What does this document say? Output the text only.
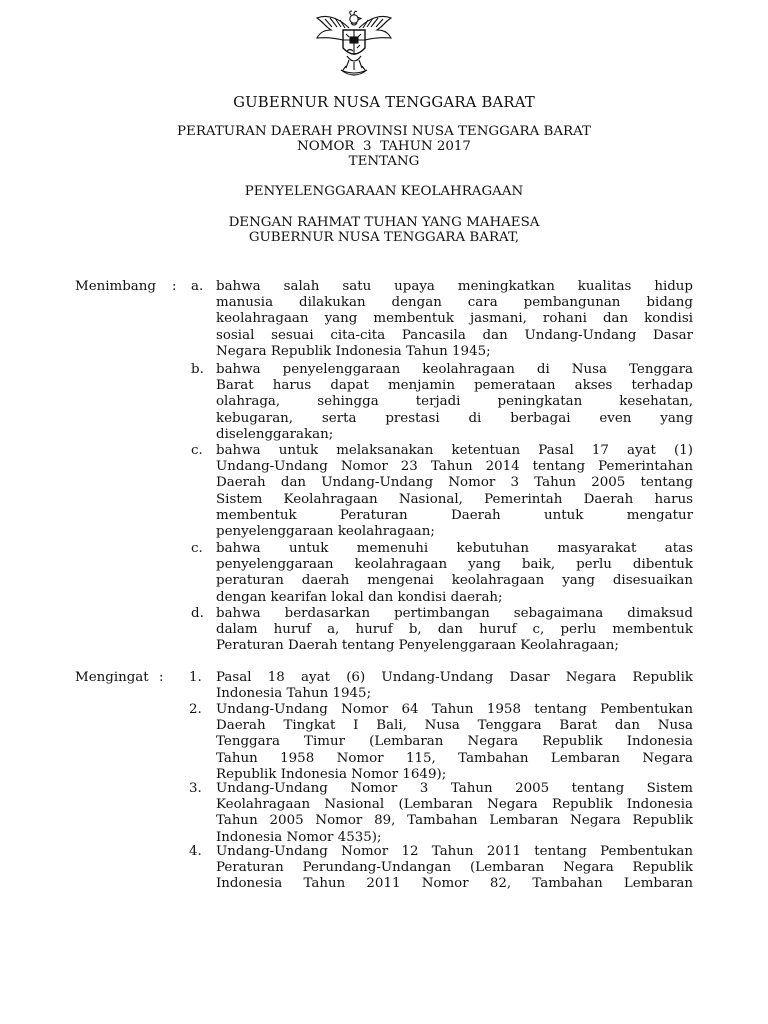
GUBERNUR NUSA TENGGARA BARAT
PERATURAN DAERAH PROVINSI NUSA TENGGARA BARAT
NOMOR  3  TAHUN 2017
TENTANG
PENYELENGGARAAN KEOLAHRAGAAN
DENGAN RAHMAT TUHAN YANG MAHAESA
GUBERNUR NUSA TENGGARA BARAT,
Menimbang : a. bahwa salah satu upaya meningkatkan kualitas hidup
manusia dilakukan dengan cara pembangunan bidang
keolahragaan yang membentuk jasmani, rohani dan kondisi
sosial sesuai cita-cita Pancasila dan Undang-Undang Dasar
Negara Republik Indonesia Tahun 1945;
b. bahwa penyelenggaraan keolahragaan di Nusa Tenggara
Barat harus dapat menjamin pemerataan akses terhadap
olahraga, sehingga terjadi peningkatan kesehatan,
kebugaran, serta prestasi di berbagai even yang
diselenggarakan;
c. bahwa untuk melaksanakan ketentuan Pasal 17 ayat (1)
Undang-Undang Nomor 23 Tahun 2014 tentang Pemerintahan
Daerah dan Undang-Undang Nomor 3 Tahun 2005 tentang
Sistem Keolahragaan Nasional, Pemerintah Daerah harus
membentuk Peraturan Daerah untuk mengatur
penyelenggaraan keolahragaan;
c. bahwa untuk memenuhi kebutuhan masyarakat atas
penyelenggaraan keolahragaan yang baik, perlu dibentuk
peraturan daerah mengenai keolahragaan yang disesuaikan
dengan kearifan lokal dan kondisi daerah;
d. bahwa berdasarkan pertimbangan sebagaimana dimaksud
dalam huruf a, huruf b, dan huruf c, perlu membentuk
Peraturan Daerah tentang Penyelenggaraan Keolahragaan;
Mengingat : 1. Pasal 18 ayat (6) Undang-Undang Dasar Negara Republik
Indonesia Tahun 1945;
2. Undang-Undang Nomor 64 Tahun 1958 tentang Pembentukan
Daerah Tingkat I Bali, Nusa Tenggara Barat dan Nusa
Tenggara Timur (Lembaran Negara Republik Indonesia
Tahun 1958 Nomor 115, Tambahan Lembaran Negara
Republik Indonesia Nomor 1649);
3. Undang-Undang Nomor 3 Tahun 2005 tentang Sistem
Keolahragaan Nasional (Lembaran Negara Republik Indonesia
Tahun 2005 Nomor 89, Tambahan Lembaran Negara Republik
Indonesia Nomor 4535);
4. Undang-Undang Nomor 12 Tahun 2011 tentang Pembentukan
Peraturan Perundang-Undangan (Lembaran Negara Republik
Indonesia Tahun 2011 Nomor 82, Tambahan Lembaran
